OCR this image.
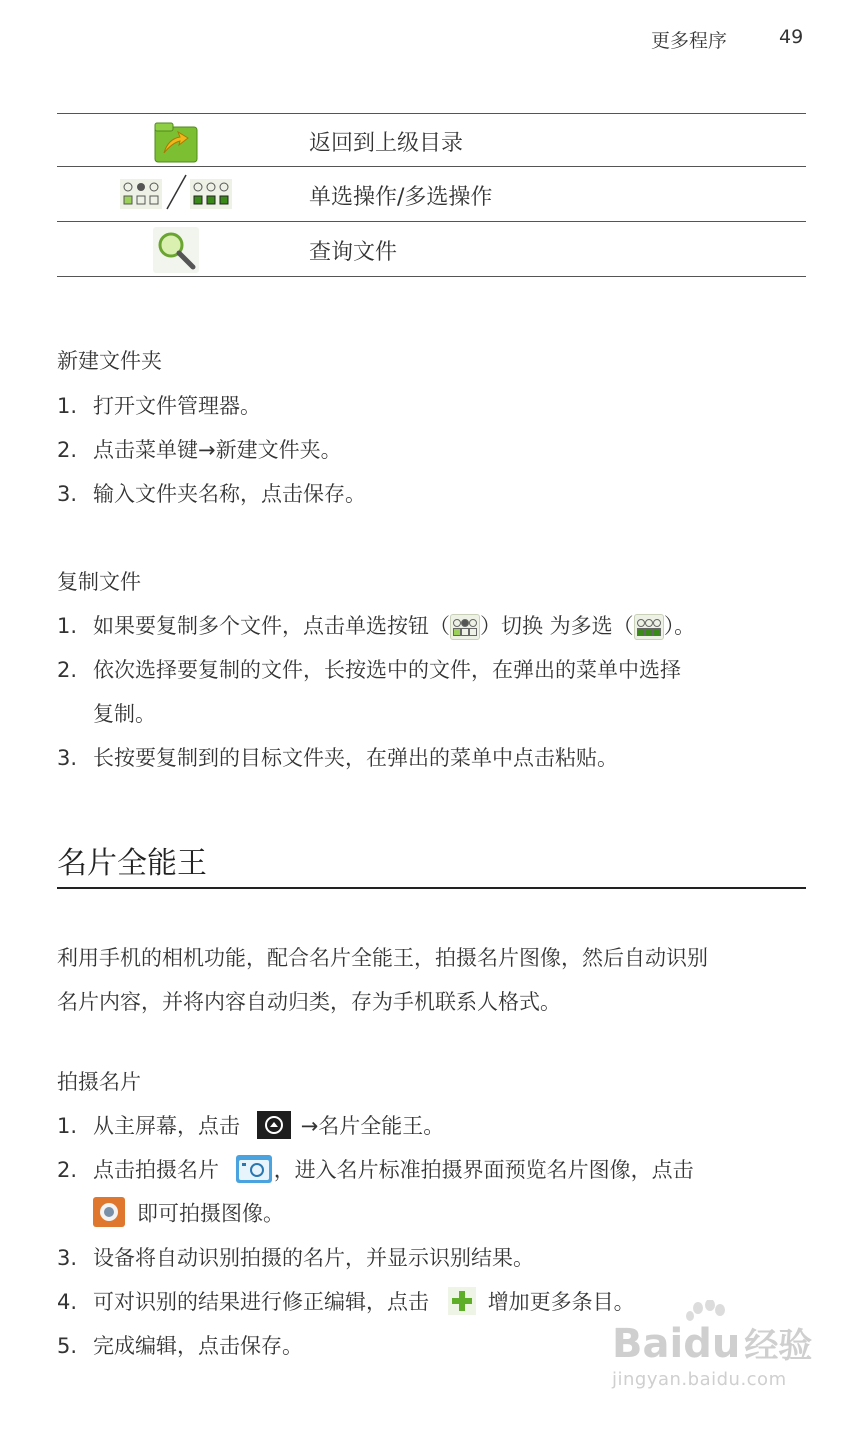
更多程序	49
返回到上级目录
单选操作/多选操作
查询文件
新建文件夹
1. 打开文件管理器。
2. 点击菜单键→新建文件夹。
3. 输入文件夹名称，点击保存。
复制文件
1. 如果要复制多个文件，点击单选按钮（ ）切换 为多选（ ）。
2. 依次选择要复制的文件，长按选中的文件，在弹出的菜单中选择
复制。
3. 长按要复制到的目标文件夹，在弹出的菜单中点击粘贴。
名片全能王
利用手机的相机功能，配合名片全能王，拍摄名片图像，然后自动识别
名片内容，并将内容自动归类，存为手机联系人格式。
拍摄名片
1. 从主屏幕，点击	→名片全能王。
2. 点击拍摄名片	，进入名片标准拍摄界面预览名片图像，点击
即可拍摄图像。
3. 设备将自动识别拍摄的名片，并显示识别结果。
4. 可对识别的结果进行修正编辑，点击	增加更多条目。
5. 完成编辑，点击保存。	Baidu 经验
jingyan.baidu.com
